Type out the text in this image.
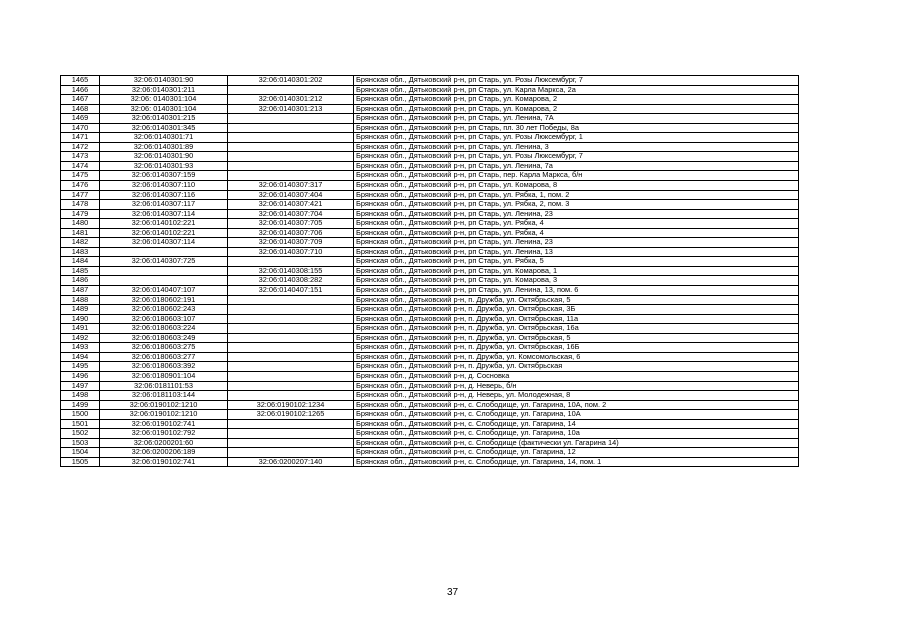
1465	32:06:0140301:90	32:06:0140301:202	Брянская обл., Дятьковский р-н, рп Старь, ул. Розы Люксембург, 7
1466	32:06:0140301:211		Брянская обл., Дятьковский р-н, рп Старь, ул. Карла Маркса, 2а
1467	32:06: 0140301:104	32:06:0140301:212	Брянская обл., Дятьковский р-н, рп Старь, ул. Комарова, 2
1468	32:06: 0140301:104	32:06:0140301:213	Брянская обл., Дятьковский р-н, рп Старь, ул. Комарова, 2
1469	32:06:0140301:215		Брянская обл., Дятьковский р-н, рп Старь, ул. Ленина, 7А
1470	32:06:0140301:345		Брянская обл., Дятьковский р-н, рп Старь, пл. 30 лет Победы, 8а
1471	32:06:0140301:71		Брянская обл., Дятьковский р-н, рп Старь, ул. Розы Люксембург, 1
1472	32:06:0140301:89		Брянская обл., Дятьковский р-н, рп Старь, ул. Ленина, 3
1473	32:06:0140301:90		Брянская обл., Дятьковский р-н, рп Старь, ул. Розы Люксембург, 7
1474	32:06:0140301:93		Брянская обл., Дятьковский р-н, рп Старь, ул. Ленина, 7а
1475	32:06:0140307:159		Брянская обл., Дятьковский р-н, рп Старь, пер. Карла Маркса, б/н
1476	32:06:0140307:110	32:06:0140307:317	Брянская обл., Дятьковский р-н, рп Старь, ул. Комарова, 8
1477	32:06:0140307:116	32:06:0140307:404	Брянская обл., Дятьковский р-н, рп Старь, ул. Рябка, 1, пом. 2
1478	32:06:0140307:117	32:06:0140307:421	Брянская обл., Дятьковский р-н, рп Старь, ул. Рябка, 2, пом. 3
1479	32:06:0140307:114	32:06:0140307:704	Брянская обл., Дятьковский р-н, рп Старь, ул. Ленина, 23
1480	32:06:0140102:221	32:06:0140307:705	Брянская обл., Дятьковский р-н, рп Старь, ул. Рябка, 4
1481	32:06:0140102:221	32:06:0140307:706	Брянская обл., Дятьковский р-н, рп Старь, ул. Рябка, 4
1482	32:06:0140307:114	32:06:0140307:709	Брянская обл., Дятьковский р-н, рп Старь, ул. Ленина, 23
1483		32:06:0140307:710	Брянская обл., Дятьковский р-н, рп Старь, ул. Ленина, 13
1484	32:06:0140307:725		Брянская обл., Дятьковский р-н, рп Старь, ул. Рябка, 5
1485		32:06:0140308:155	Брянская обл., Дятьковский р-н, рп Старь, ул. Комарова, 1
1486		32:06:0140308:282	Брянская обл., Дятьковский р-н, рп Старь, ул. Комарова, 3
1487	32:06:0140407:107	32:06:0140407:151	Брянская обл., Дятьковский р-н, рп Старь, ул. Ленина, 13, пом. 6
1488	32:06:0180602:191		Брянская обл., Дятьковский р-н, п. Дружба, ул. Октябрьская, 5
1489	32:06:0180602:243		Брянская обл., Дятьковский р-н, п. Дружба, ул. Октябрьская, 3Б
1490	32:06:0180603:107		Брянская обл., Дятьковский р-н, п. Дружба, ул. Октябрьская, 11а
1491	32:06:0180603:224		Брянская обл., Дятьковский р-н, п. Дружба, ул. Октябрьская, 16а
1492	32:06:0180603:249		Брянская обл., Дятьковский р-н, п. Дружба, ул. Октябрьская, 5
1493	32:06:0180603:275		Брянская обл., Дятьковский р-н, п. Дружба, ул. Октябрьская, 16Б
1494	32:06:0180603:277		Брянская обл., Дятьковский р-н, п. Дружба, ул. Комсомольская, 6
1495	32:06:0180603:392		Брянская обл., Дятьковский р-н, п. Дружба, ул. Октябрьская
1496	32:06:0180901:104		Брянская обл., Дятьковский р-н, д. Сосновка
1497	32:06:0181101:53		Брянская обл., Дятьковский р-н, д. Неверь, б/н
1498	32:06:0181103:144		Брянская обл., Дятьковский р-н, д. Неверь, ул. Молодежная, 8
1499	32:06:0190102:1210	32:06:0190102:1234	Брянская обл., Дятьковский р-н, с. Слободище, ул. Гагарина, 10А, пом. 2
1500	32:06:0190102:1210	32:06:0190102:1265	Брянская обл., Дятьковский р-н, с. Слободище, ул. Гагарина, 10А
1501	32:06:0190102:741		Брянская обл., Дятьковский р-н, с. Слободище, ул. Гагарина, 14
1502	32:06:0190102:792		Брянская обл., Дятьковский р-н, с. Слободище, ул. Гагарина, 10а
1503	32:06:0200201:60		Брянская обл., Дятьковский р-н, с. Слободище (фактически ул. Гагарина 14)
1504	32:06:0200206:189		Брянская обл., Дятьковский р-н, с. Слободище, ул. Гагарина, 12
1505	32:06:0190102:741	32:06:0200207:140	Брянская обл., Дятьковский р-н, с. Слободище, ул. Гагарина, 14, пом. 1
37
